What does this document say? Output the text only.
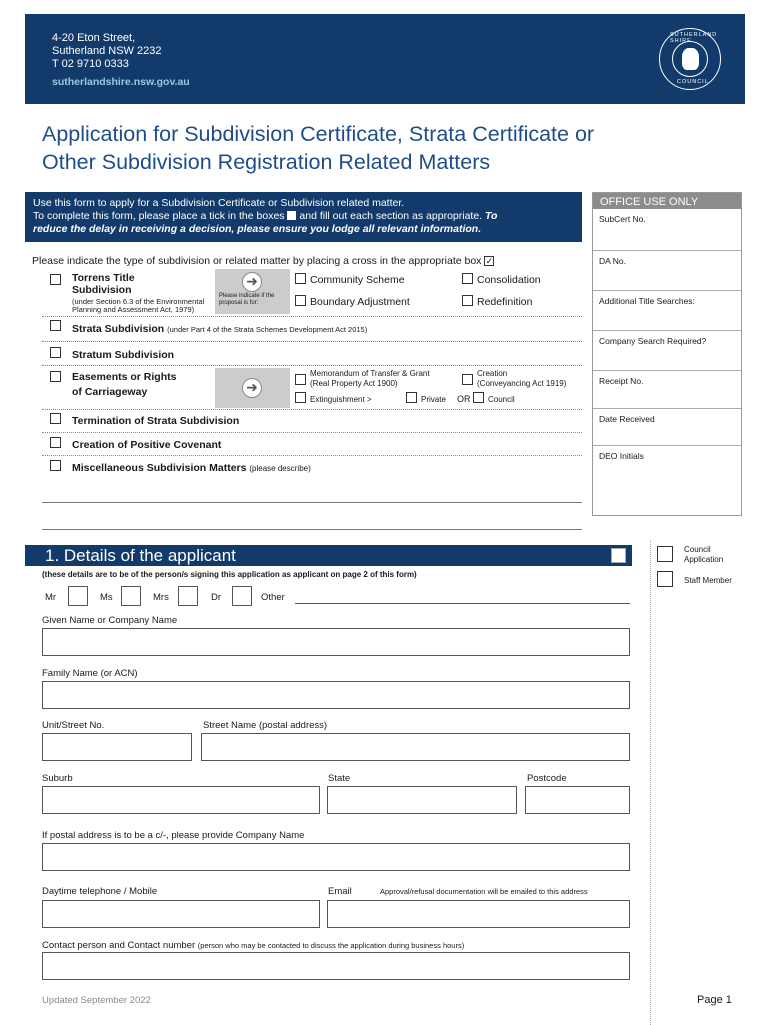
4-20 Eton Street,
Sutherland NSW 2232
T 02 9710 0333
sutherlandshire.nsw.gov.au
SUTHERLAND SHIRE
COUNCIL
Application for Subdivision Certificate, Strata Certificate or
Other Subdivision Registration Related Matters
Use this form to apply for a Subdivision Certificate or Subdivision related matter.
To complete this form, please place a tick in the boxes and fill out each section as appropriate. To
reduce the delay in receiving a decision, please ensure you lodge all relevant information.
OFFICE USE ONLY
SubCert No.
DA No.
Additional Title Searches:
Company Search Required?
Receipt No.
Date Received
DEO Initials
Please indicate the type of subdivision or related matter by placing a cross in the appropriate box ✓
Torrens Title
Subdivision
(under Section 6.3 of the Environmental
Planning and Assessment Act, 1979)
➜
Please indicate if the
proposal is for:
Community Scheme	Consolidation
Boundary Adjustment	Redefinition
Strata Subdivision (under Part 4 of the Strata Schemes Development Act 2015)
Stratum Subdivision
Easements or Rights
of Carriageway	➜
Memorandum of Transfer & Grant
(Real Property Act 1900)
Creation
(Conveyancing Act 1919)
Extinguishment >	Private OR Council
Termination of Strata Subdivision
Creation of Positive Covenant
Miscellaneous Subdivision Matters (please describe)
1. Details of the applicant	Council
Application
Staff Member
(these details are to be of the person/s signing this application as applicant on page 2 of this form)
Mr	Ms	Mrs	Dr	Other
Given Name or Company Name
Family Name (or ACN)
Unit/Street No.	Street Name (postal address)
Suburb	State	Postcode
If postal address is to be a c/-, please provide Company Name
Daytime telephone / Mobile	Email	Approval/refusal documentation will be emailed to this address
Contact person and Contact number (person who may be contacted to discuss the application during business hours)
Updated September 2022	Page 1
